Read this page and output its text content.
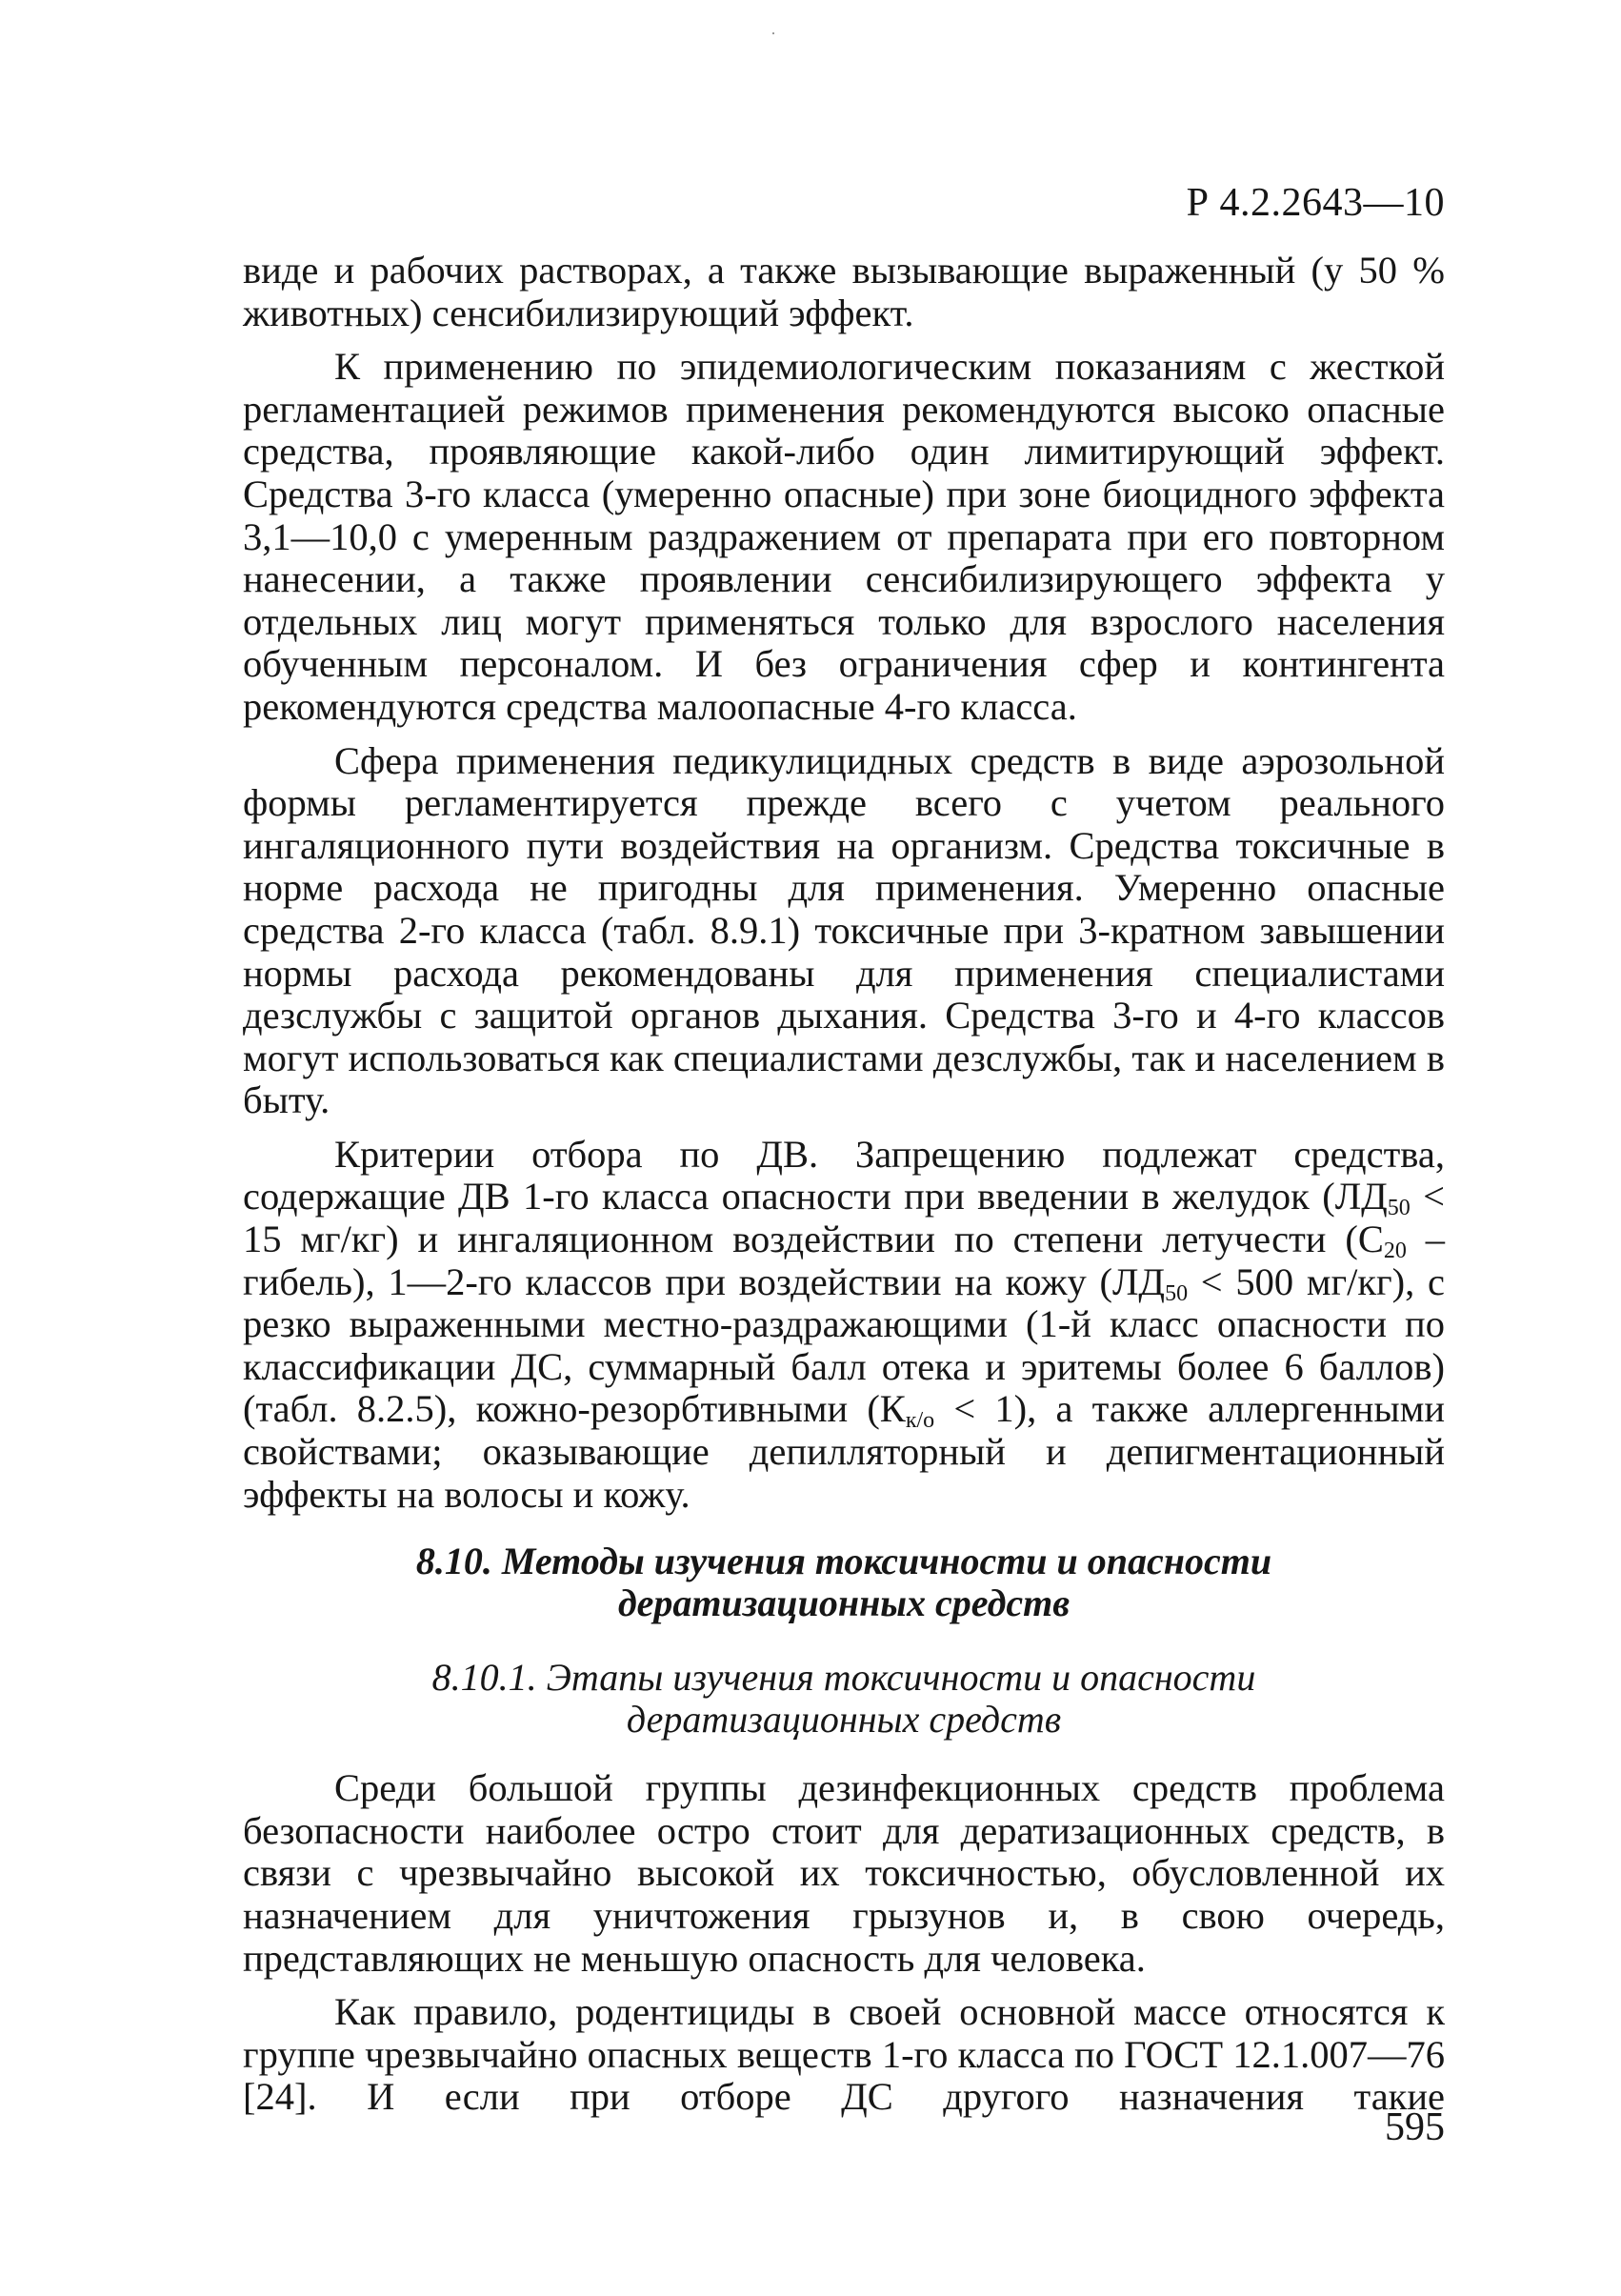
Р 4.2.2643—10

виде и рабочих растворах, а также вызывающие выраженный (у 50 % животных) сенсибилизирующий эффект.

К применению по эпидемиологическим показаниям с жесткой регламентацией режимов применения рекомендуются высоко опасные средства, проявляющие какой-либо один лимитирующий эффект. Средства 3-го класса (умеренно опасные) при зоне биоцидного эффекта 3,1—10,0 с умеренным раздражением от препарата при его повторном нанесении, а также проявлении сенсибилизирующего эффекта у отдельных лиц могут применяться только для взрослого населения обученным персоналом. И без ограничения сфер и контингента рекомендуются средства малоопасные 4-го класса.

Сфера применения педикулицидных средств в виде аэрозольной формы регламентируется прежде всего с учетом реального ингаляционного пути воздействия на организм. Средства токсичные в норме расхода не пригодны для применения. Умеренно опасные средства 2-го класса (табл. 8.9.1) токсичные при 3-кратном завышении нормы расхода рекомендованы для применения специалистами дезслужбы с защитой органов дыхания. Средства 3-го и 4-го классов могут использоваться как специалистами дезслужбы, так и населением в быту.

Критерии отбора по ДВ. Запрещению подлежат средства, содержащие ДВ 1-го класса опасности при введении в желудок ($ЛД_{50} < 15$ мг/кг) и ингаляционном воздействии по степени летучести ($С_{20}$ – гибель), 1—2-го классов при воздействии на кожу ($ЛД_{50} < 500$ мг/кг), с резко выраженными местно-раздражающими (1-й класс опасности по классификации ДС, суммарный балл отека и эритемы более 6 баллов) (табл. 8.2.5), кожно-резорбтивными $(К_{к/о} < 1)$, а также аллергенными свойствами; оказывающие депилляторный и депигментационный эффекты на волосы и кожу.

8.10. Методы изучения токсичности и опасности
дератизационных средств
8.10.1. Этапы изучения токсичности и опасности
дератизационных средств

Среди большой группы дезинфекционных средств проблема безопасности наиболее остро стоит для дератизационных средств, в связи с чрезвычайно высокой их токсичностью, обусловленной их назначением для уничтожения грызунов и, в свою очередь, представляющих не меньшую опасность для человека.

Как правило, родентициды в своей основной массе относятся к группе чрезвычайно опасных веществ 1-го класса по ГОСТ 12.1.007—76 [24]. И если при отборе ДС другого назначения такие

595
